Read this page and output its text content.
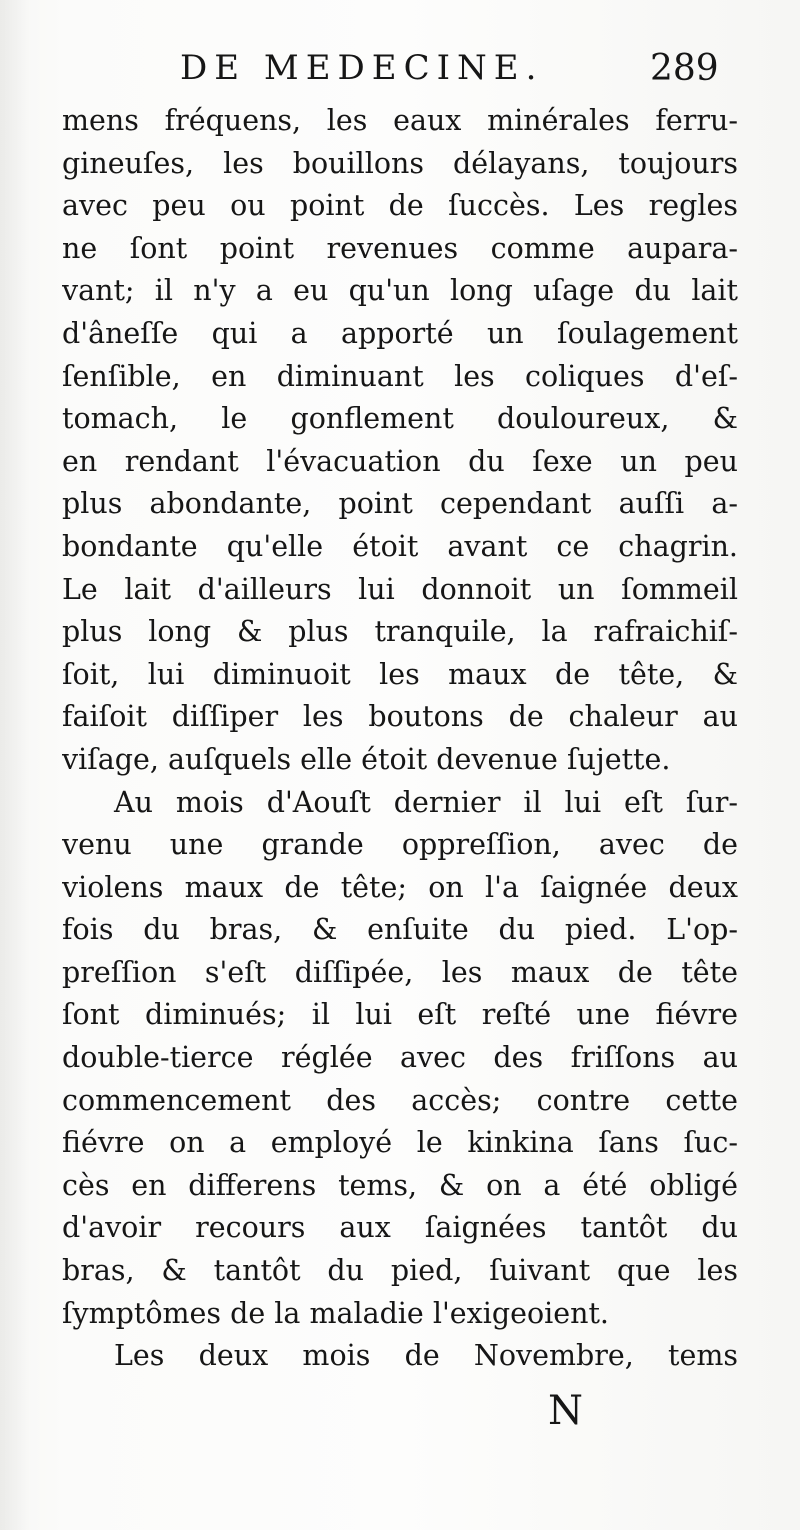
DE MEDECINE.	289
mens fréquens, les eaux minérales ferru-
gineuſes, les bouillons délayans, toujours
avec peu ou point de ſuccès. Les regles
ne ſont point revenues comme aupara-
vant; il n'y a eu qu'un long uſage du lait
d'âneſſe qui a apporté un ſoulagement
ſenſible, en diminuant les coliques d'eſ-
tomach, le gonflement douloureux, &
en rendant l'évacuation du ſexe un peu
plus abondante, point cependant auſſi a-
bondante qu'elle étoit avant ce chagrin.
Le lait d'ailleurs lui donnoit un ſommeil
plus long & plus tranquile, la rafraichiſ-
ſoit, lui diminuoit les maux de tête, &
faiſoit diſſiper les boutons de chaleur au
viſage, auſquels elle étoit devenue ſujette.
Au mois d'Aouſt dernier il lui eſt ſur-
venu une grande oppreſſion, avec de
violens maux de tête; on l'a ſaignée deux
fois du bras, & enſuite du pied. L'op-
preſſion s'eſt diſſipée, les maux de tête
ſont diminués; il lui eſt reſté une fiévre
double-tierce réglée avec des friſſons au
commencement des accès; contre cette
fiévre on a employé le kinkina ſans ſuc-
cès en differens tems, & on a été obligé
d'avoir recours aux ſaignées tantôt du
bras, & tantôt du pied, ſuivant que les
ſymptômes de la maladie l'exigeoient.
Les deux mois de Novembre, tems
N
